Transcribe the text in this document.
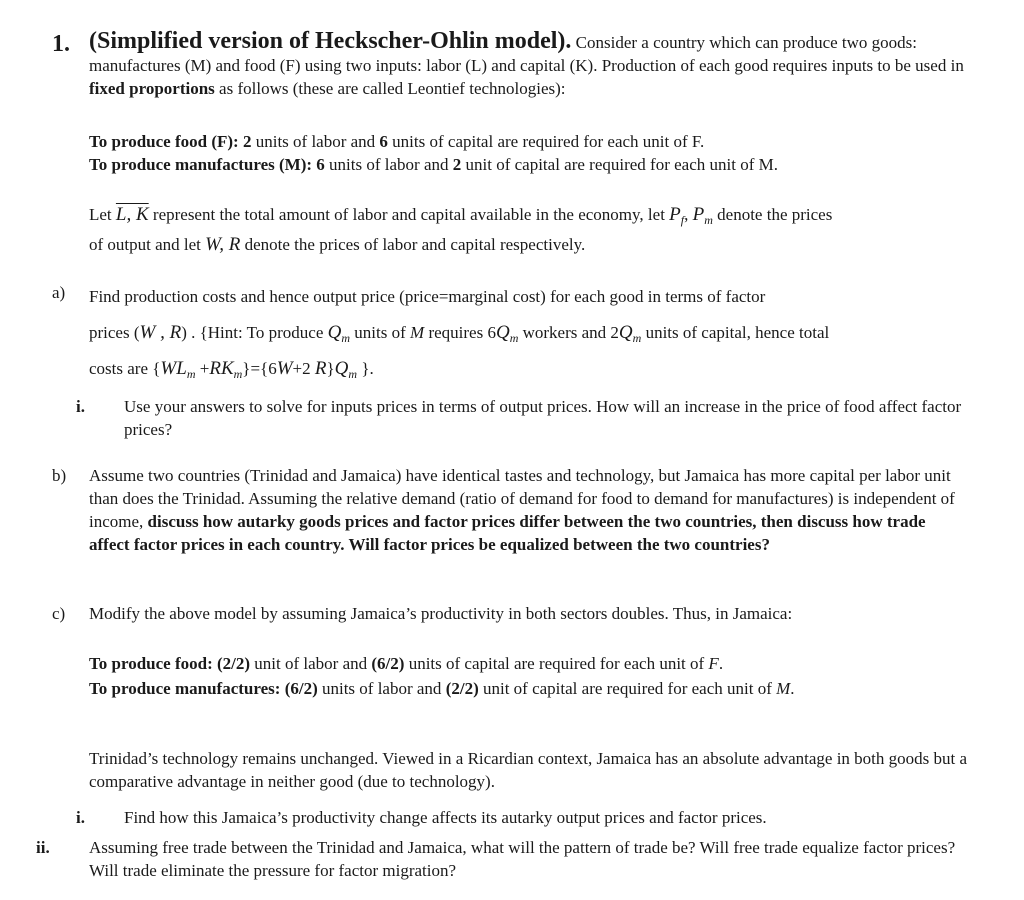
1. (Simplified version of Heckscher-Ohlin model). Consider a country which can produce two goods: manufactures (M) and food (F) using two inputs: labor (L) and capital (K). Production of each good requires inputs to be used in fixed proportions as follows (these are called Leontief technologies):
To produce food (F): 2 units of labor and 6 units of capital are required for each unit of F.
To produce manufactures (M): 6 units of labor and 2 unit of capital are required for each unit of M.
Let L, K represent the total amount of labor and capital available in the economy, let $P_f$, $P_m$ denote the prices
of output and let W, R denote the prices of labor and capital respectively.
a) Find production costs and hence output price (price=marginal cost) for each good in terms of factor
prices (W , R) . {Hint: To produce $Q_m$ units of M requires $6Q_m$ workers and $2Q_m$ units of capital, hence total
costs are $\{WL_m +RK_m\}=\{6W+2$ $R\}Q_m$ }.
i. Use your answers to solve for inputs prices in terms of output prices. How will an increase in the price of food affect factor prices?
b) Assume two countries (Trinidad and Jamaica) have identical tastes and technology, but Jamaica has more capital per labor unit than does the Trinidad. Assuming the relative demand (ratio of demand for food to demand for manufactures) is independent of income, discuss how autarky goods prices and factor prices differ between the two countries, then discuss how trade affect factor prices in each country. Will factor prices be equalized between the two countries?
c) Modify the above model by assuming Jamaica’s productivity in both sectors doubles. Thus, in Jamaica:
To produce food: (2/2) unit of labor and (6/2) units of capital are required for each unit of F.
To produce manufactures: (6/2) units of labor and (2/2) unit of capital are required for each unit of M.
Trinidad’s technology remains unchanged. Viewed in a Ricardian context, Jamaica has an absolute advantage in both goods but a comparative advantage in neither good (due to technology).
i. Find how this Jamaica’s productivity change affects its autarky output prices and factor prices.
ii. Assuming free trade between the Trinidad and Jamaica, what will the pattern of trade be? Will free trade equalize factor prices? Will trade eliminate the pressure for factor migration?
